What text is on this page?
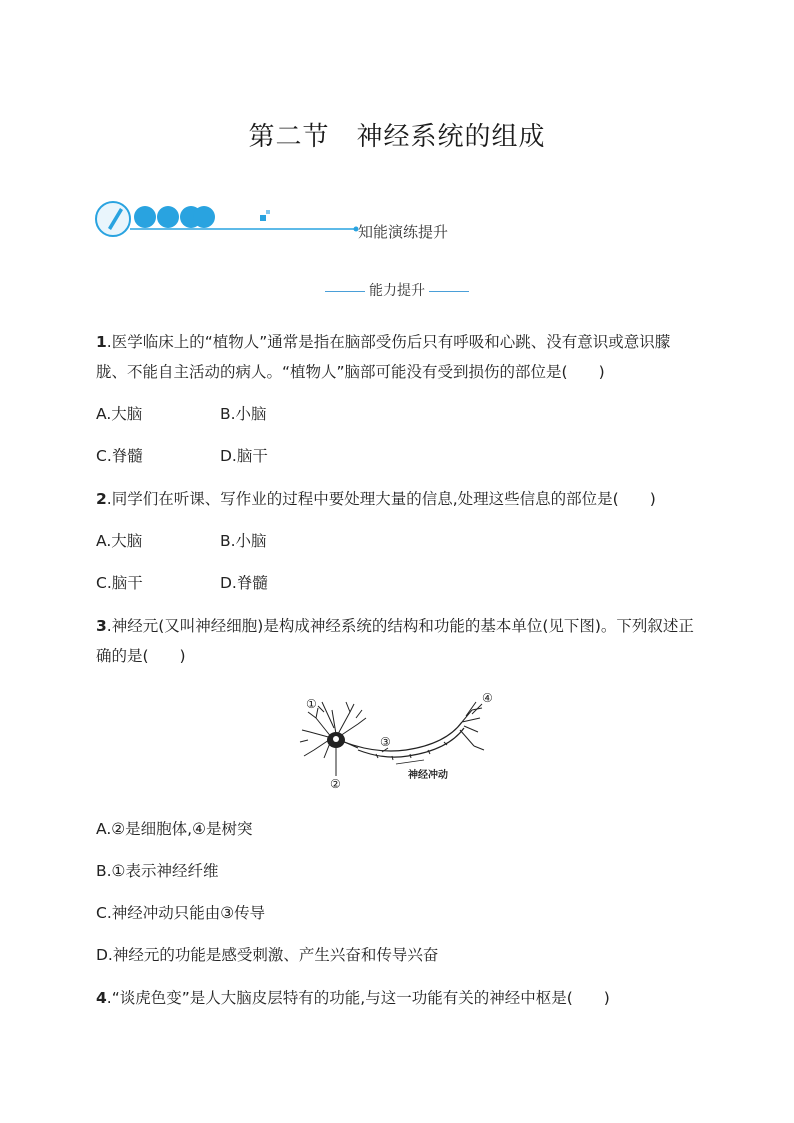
第二节　神经系统的组成
知能演练提升
能力提升
1.医学临床上的“植物人”通常是指在脑部受伤后只有呼吸和心跳、没有意识或意识朦胧、不能自主活动的病人。“植物人”脑部可能没有受到损伤的部位是(　　)
A.大脑	B.小脑
C.脊髓	D.脑干
2.同学们在听课、写作业的过程中要处理大量的信息,处理这些信息的部位是(　　)
A.大脑	B.小脑
C.脑干	D.脊髓
3.神经元(又叫神经细胞)是构成神经系统的结构和功能的基本单位(见下图)。下列叙述正确的是(　　)
①
②
③
④
神经冲动
A.②是细胞体,④是树突
B.①表示神经纤维
C.神经冲动只能由③传导
D.神经元的功能是感受刺激、产生兴奋和传导兴奋
4.“谈虎色变”是人大脑皮层特有的功能,与这一功能有关的神经中枢是(　　)
